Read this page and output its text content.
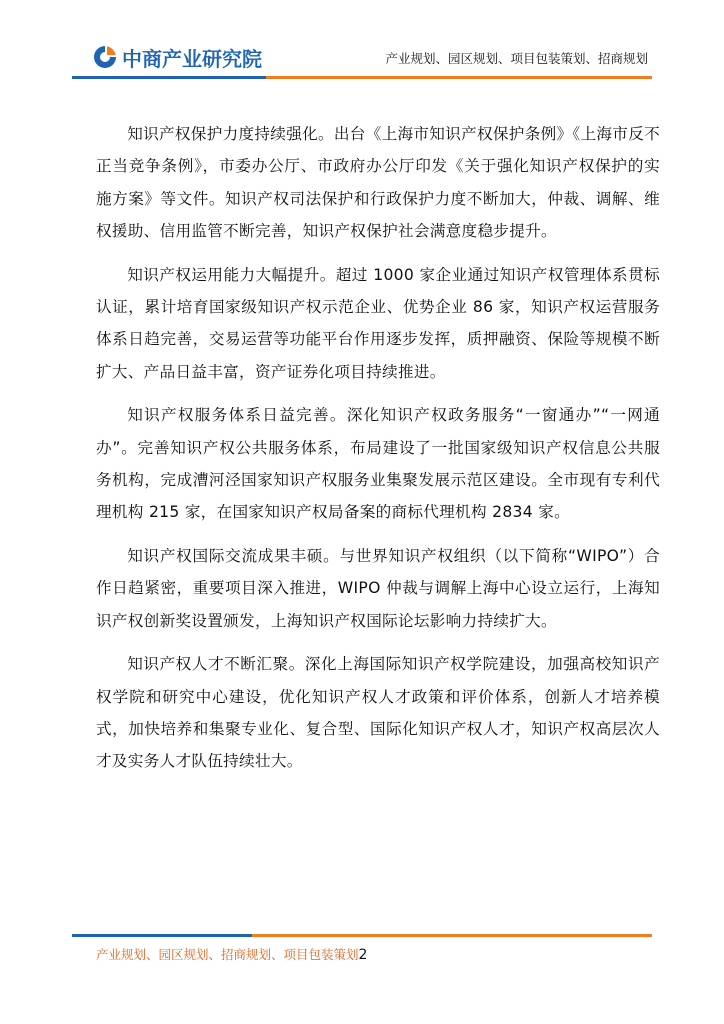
中商产业研究院	产业规划、园区规划、项目包装策划、招商规划

知识产权保护力度持续强化。出台《上海市知识产权保护条例》《上海市反不正当竞争条例》，市委办公厅、市政府办公厅印发《关于强化知识产权保护的实施方案》等文件。知识产权司法保护和行政保护力度不断加大，仲裁、调解、维权援助、信用监管不断完善，知识产权保护社会满意度稳步提升。

知识产权运用能力大幅提升。超过 1000 家企业通过知识产权管理体系贯标认证，累计培育国家级知识产权示范企业、优势企业 86 家，知识产权运营服务体系日趋完善，交易运营等功能平台作用逐步发挥，质押融资、保险等规模不断扩大、产品日益丰富，资产证券化项目持续推进。

知识产权服务体系日益完善。深化知识产权政务服务“一窗通办”“一网通办”。完善知识产权公共服务体系，布局建设了一批国家级知识产权信息公共服务机构，完成漕河泾国家知识产权服务业集聚发展示范区建设。全市现有专利代理机构 215 家，在国家知识产权局备案的商标代理机构 2834 家。

知识产权国际交流成果丰硕。与世界知识产权组织（以下简称“WIPO”）合作日趋紧密，重要项目深入推进，WIPO 仲裁与调解上海中心设立运行，上海知识产权创新奖设置颁发，上海知识产权国际论坛影响力持续扩大。

知识产权人才不断汇聚。深化上海国际知识产权学院建设，加强高校知识产权学院和研究中心建设，优化知识产权人才政策和评价体系，创新人才培养模式，加快培养和集聚专业化、复合型、国际化知识产权人才，知识产权高层次人才及实务人才队伍持续壮大。

产业规划、园区规划、招商规划、项目包装策划2
